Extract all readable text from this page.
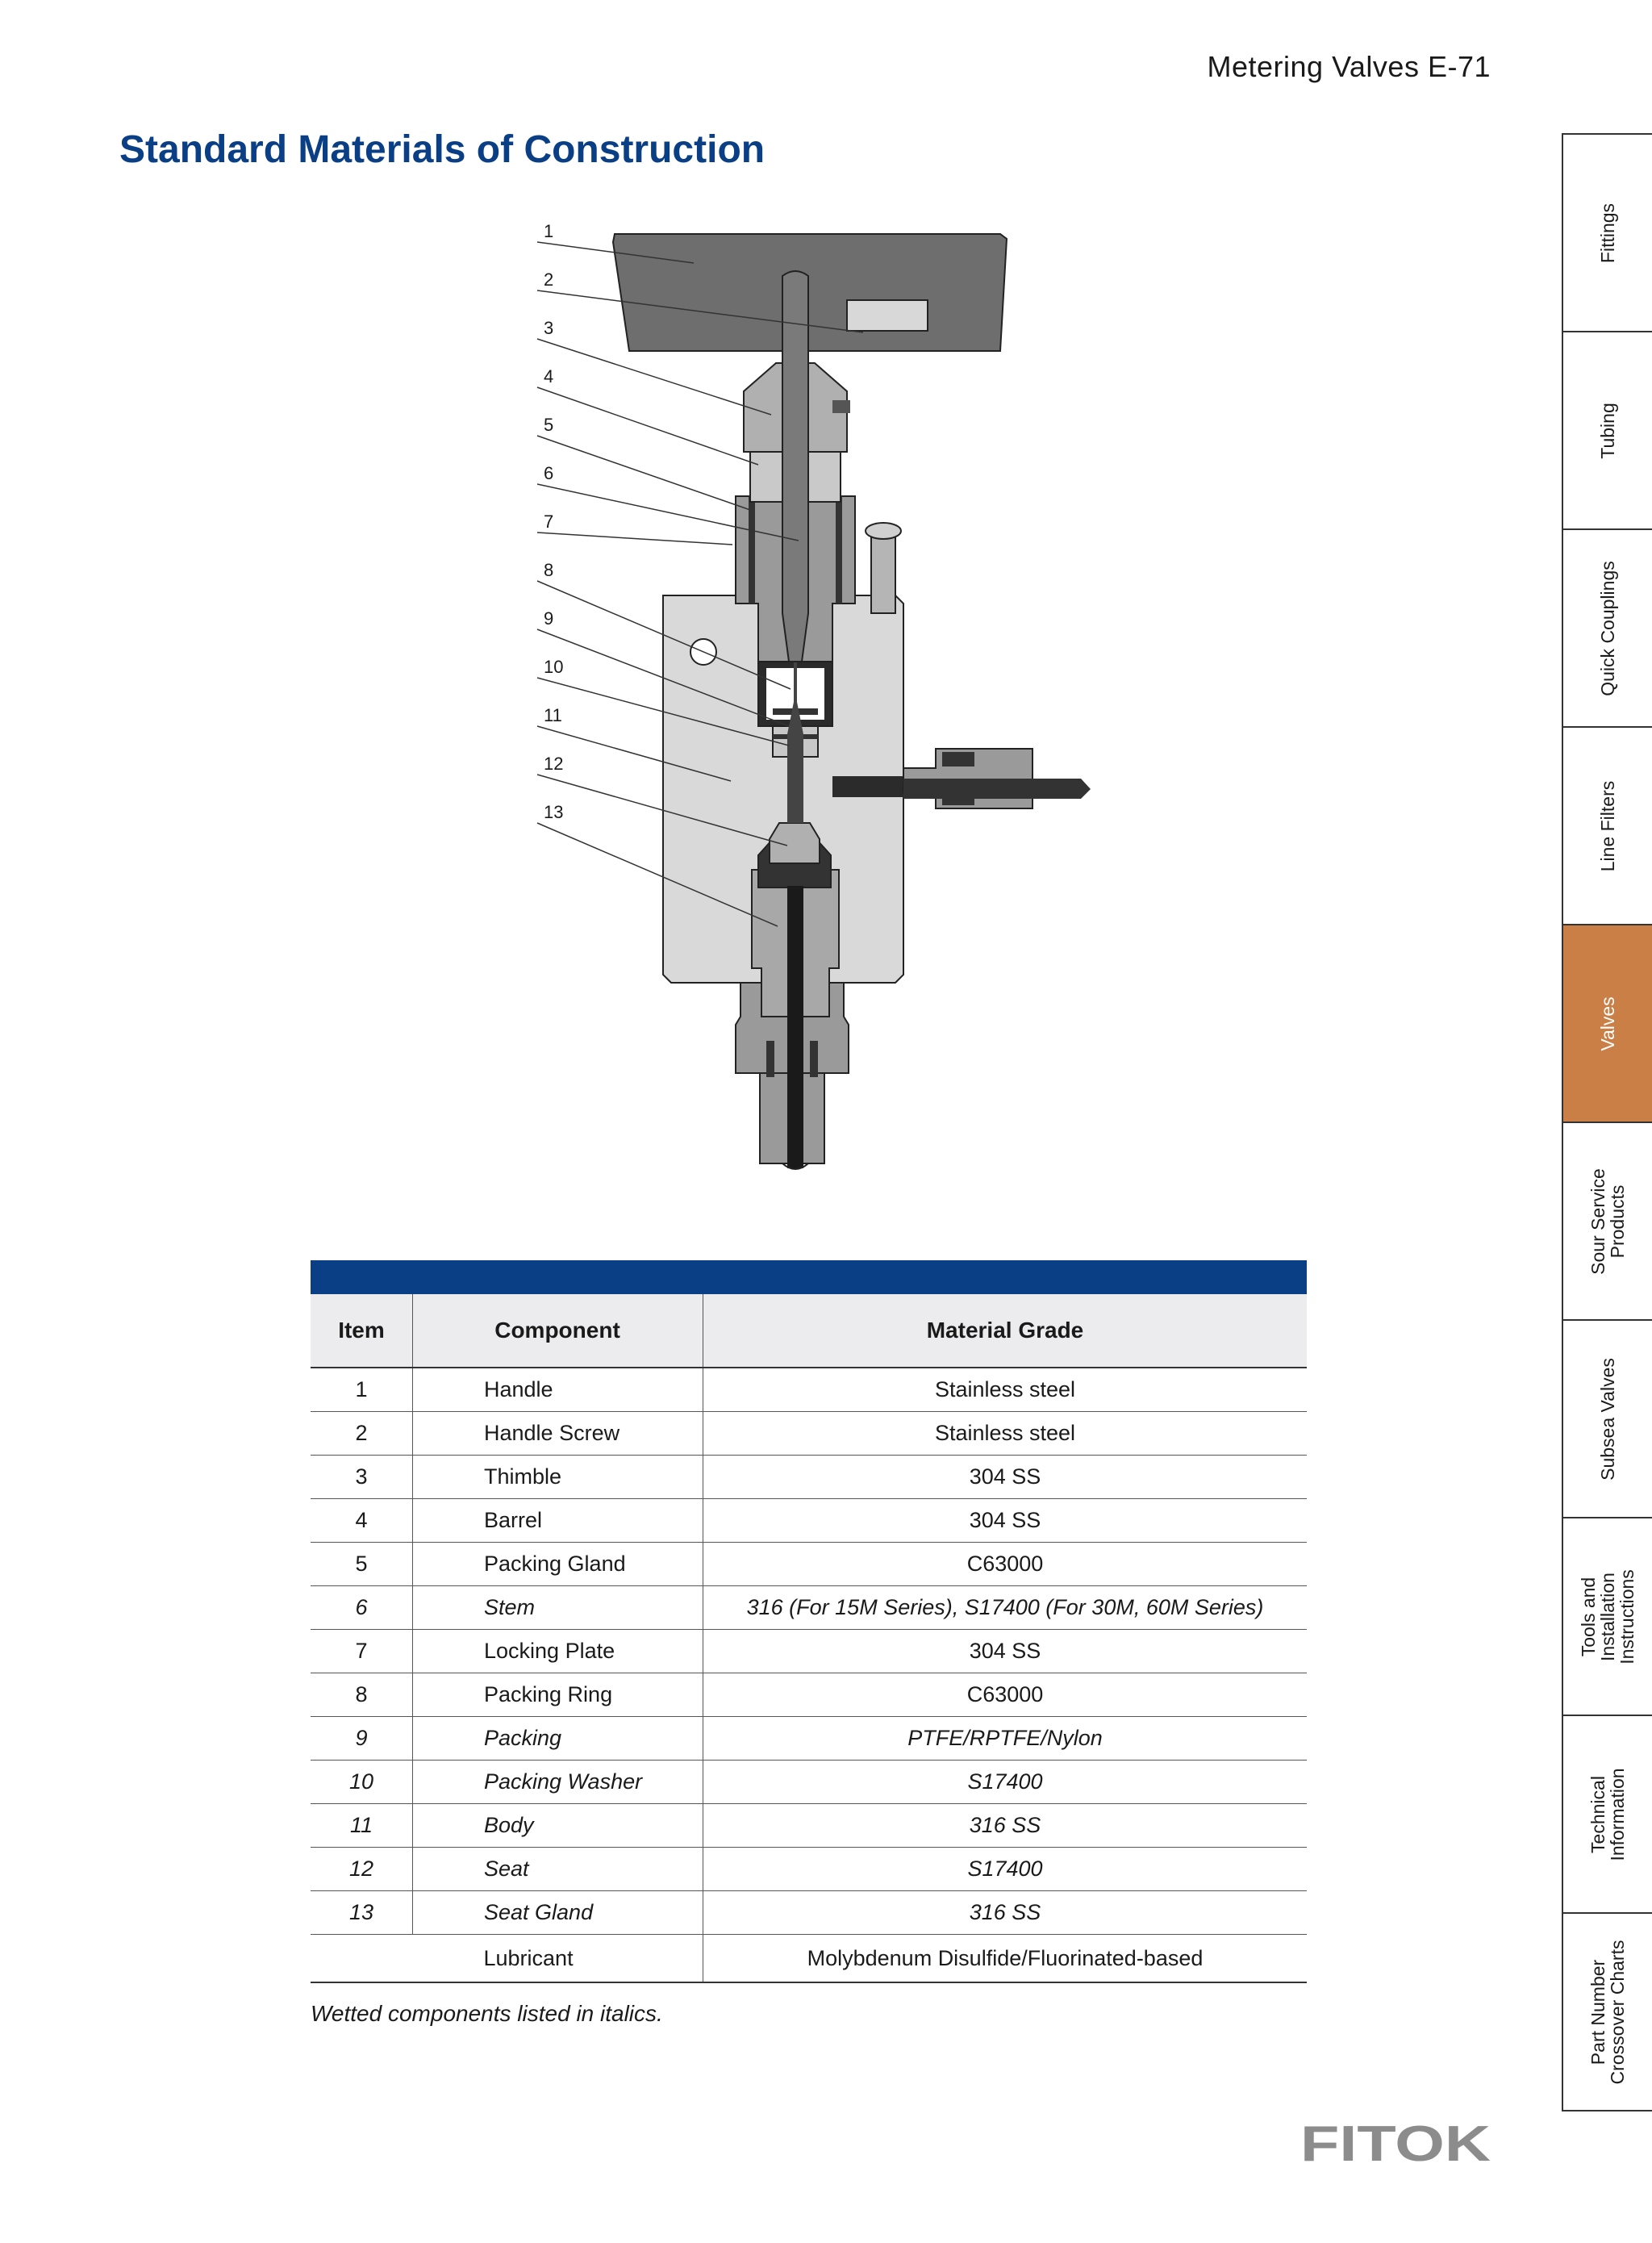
Metering Valves E-71
Standard Materials of Construction
Fittings
Tubing
Quick Couplings
Line Filters
Valves
Sour Service
Products
Subsea Valves
Tools and
Installation
Instructions
Technical
Information
Part Number
Crossover Charts
1
2
3
4
5
6
7
8
9
10
11
12
13
Item	Component	Material Grade
1	Handle	Stainless steel
2	Handle Screw	Stainless steel
3	Thimble	304 SS
4	Barrel	304 SS
5	Packing Gland	C63000
6	Stem	316 (For 15M Series), S17400 (For 30M, 60M Series)
7	Locking Plate	304 SS
8	Packing Ring	C63000
9	Packing	PTFE/RPTFE/Nylon
10	Packing Washer	S17400
11	Body	316 SS
12	Seat	S17400
13	Seat Gland	316 SS
	Lubricant	Molybdenum Disulfide/Fluorinated-based
Wetted components listed in italics.
FITOK
